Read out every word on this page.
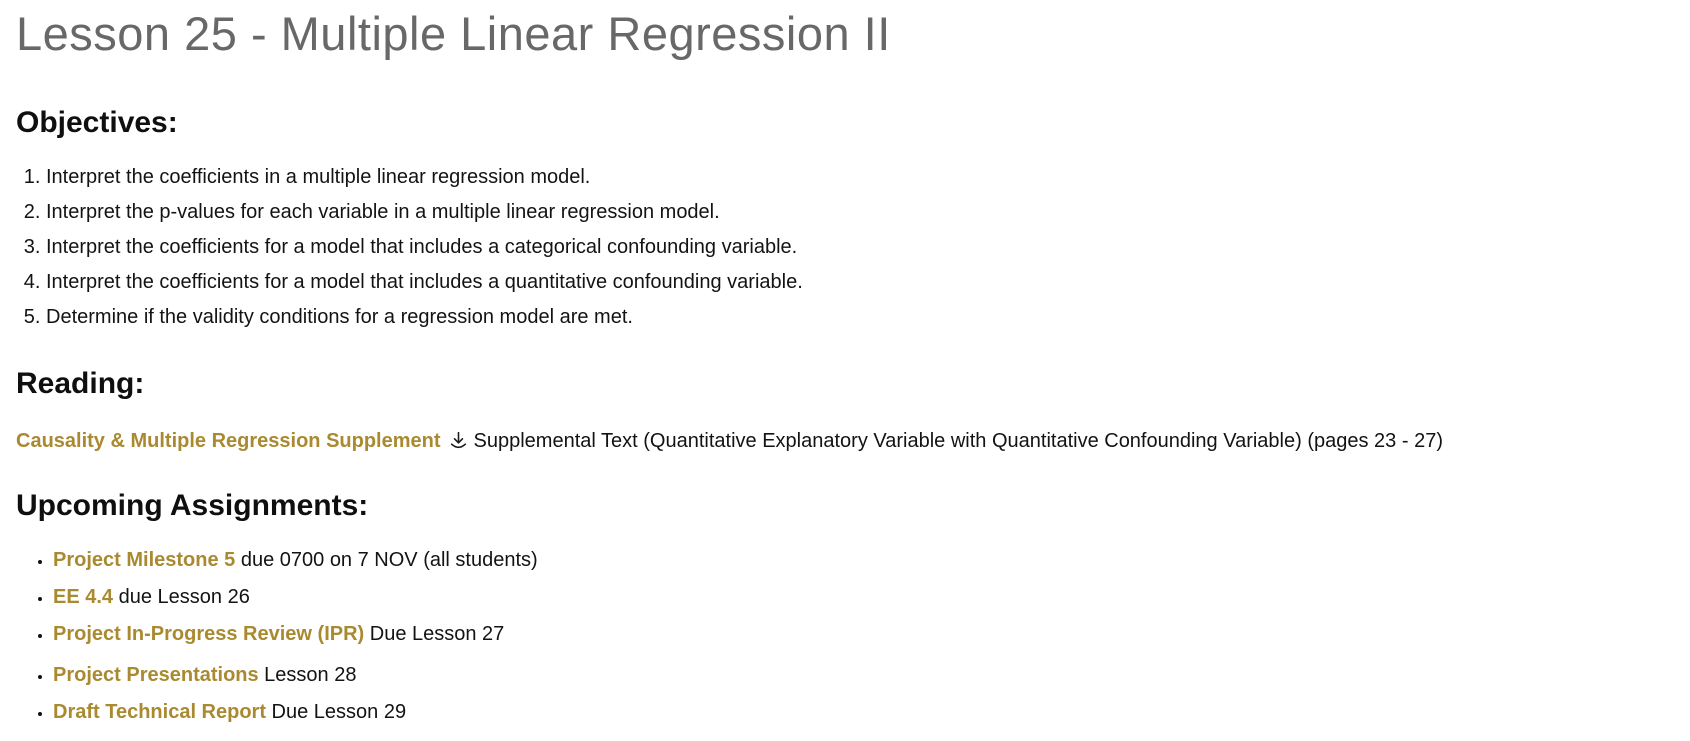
Lesson 25 - Multiple Linear Regression II
Objectives:
1. Interpret the coefficients in a multiple linear regression model.
2. Interpret the p-values for each variable in a multiple linear regression model.
3. Interpret the coefficients for a model that includes a categorical confounding variable.
4. Interpret the coefficients for a model that includes a quantitative confounding variable.
5. Determine if the validity conditions for a regression model are met.
Reading:

Causality & Multiple Regression Supplement Supplemental Text (Quantitative Explanatory Variable with Quantitative Confounding Variable) (pages 23 - 27)

Upcoming Assignments:
• Project Milestone 5 due 0700 on 7 NOV (all students)
• EE 4.4 due Lesson 26
• Project In-Progress Review (IPR) Due Lesson 27
• Project Presentations Lesson 28
• Draft Technical Report Due Lesson 29
